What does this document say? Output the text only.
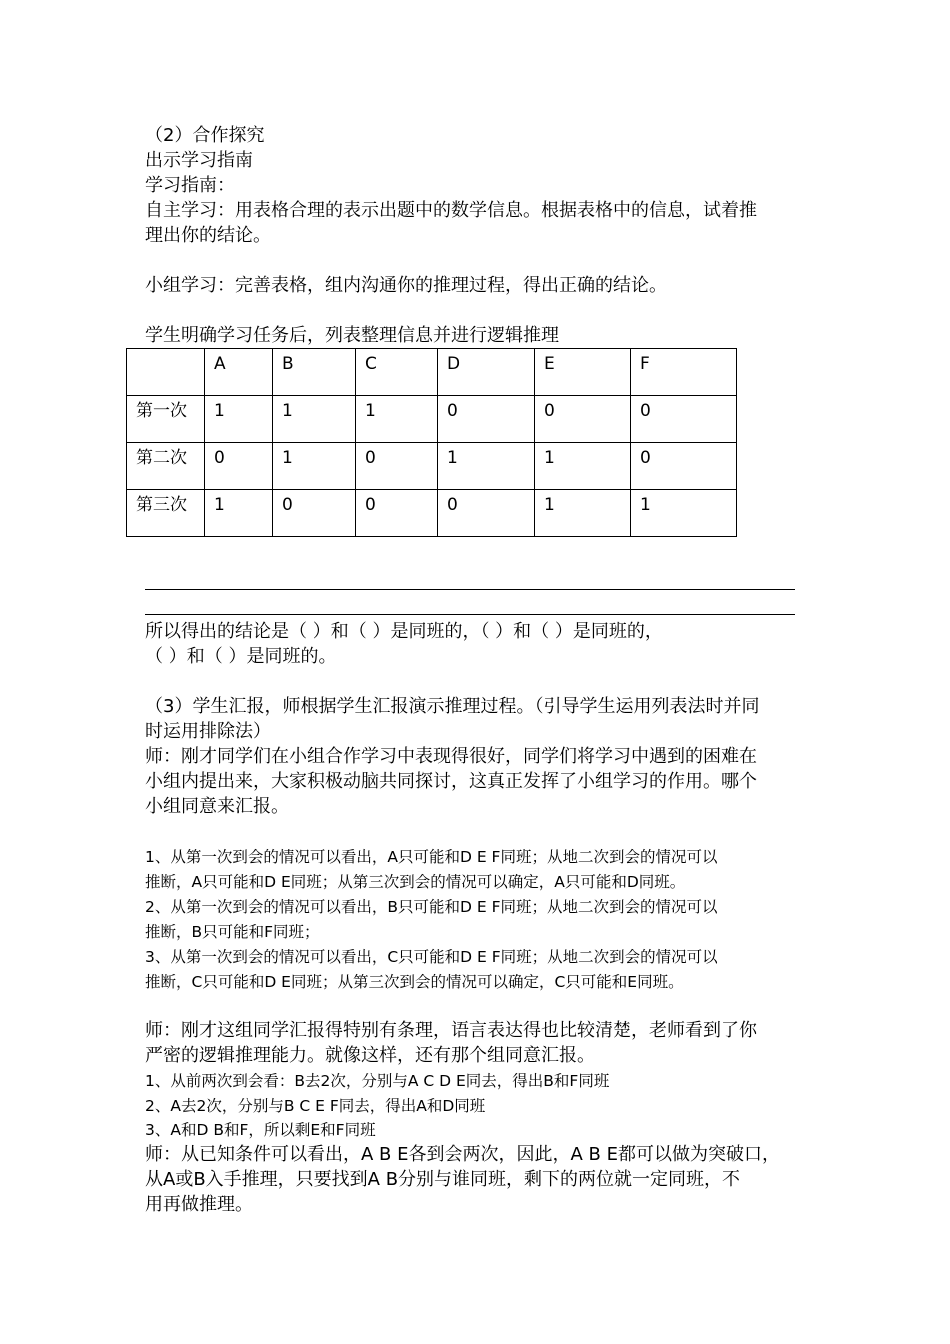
（2）合作探究
出示学习指南
学习指南：
自主学习：用表格合理的表示出题中的数学信息。根据表格中的信息，试着推
理出你的结论。
小组学习：完善表格，组内沟通你的推理过程，得出正确的结论。
学生明确学习任务后，列表整理信息并进行逻辑推理
	A	B	C	D	E	F
第一次	1	1	1	0	0	0
第二次	0	1	0	1	1	0
第三次	1	0	0	0	1	1
所以得出的结论是（ ）和（ ）是同班的，（ ）和（ ）是同班的，
（ ）和（ ）是同班的。
（3）学生汇报，师根据学生汇报演示推理过程。（引导学生运用列表法时并同
时运用排除法）
师：刚才同学们在小组合作学习中表现得很好，同学们将学习中遇到的困难在
小组内提出来，大家积极动脑共同探讨，这真正发挥了小组学习的作用。哪个
小组同意来汇报。
1、从第一次到会的情况可以看出，A只可能和D E F同班；从地二次到会的情况可以
推断，A只可能和D E同班；从第三次到会的情况可以确定，A只可能和D同班。
2、从第一次到会的情况可以看出，B只可能和D E F同班；从地二次到会的情况可以
推断，B只可能和F同班；
3、从第一次到会的情况可以看出，C只可能和D E F同班；从地二次到会的情况可以
推断，C只可能和D E同班；从第三次到会的情况可以确定，C只可能和E同班。
师：刚才这组同学汇报得特别有条理，语言表达得也比较清楚，老师看到了你
严密的逻辑推理能力。就像这样，还有那个组同意汇报。
1、从前两次到会看：B去2次，分别与A C D E同去，得出B和F同班
2、A去2次，分别与B C E F同去，得出A和D同班
3、A和D B和F，所以剩E和F同班
师：从已知条件可以看出，A B E各到会两次，因此，A B E都可以做为突破口，
从A或B入手推理，只要找到A B分别与谁同班，剩下的两位就一定同班，不
用再做推理。
